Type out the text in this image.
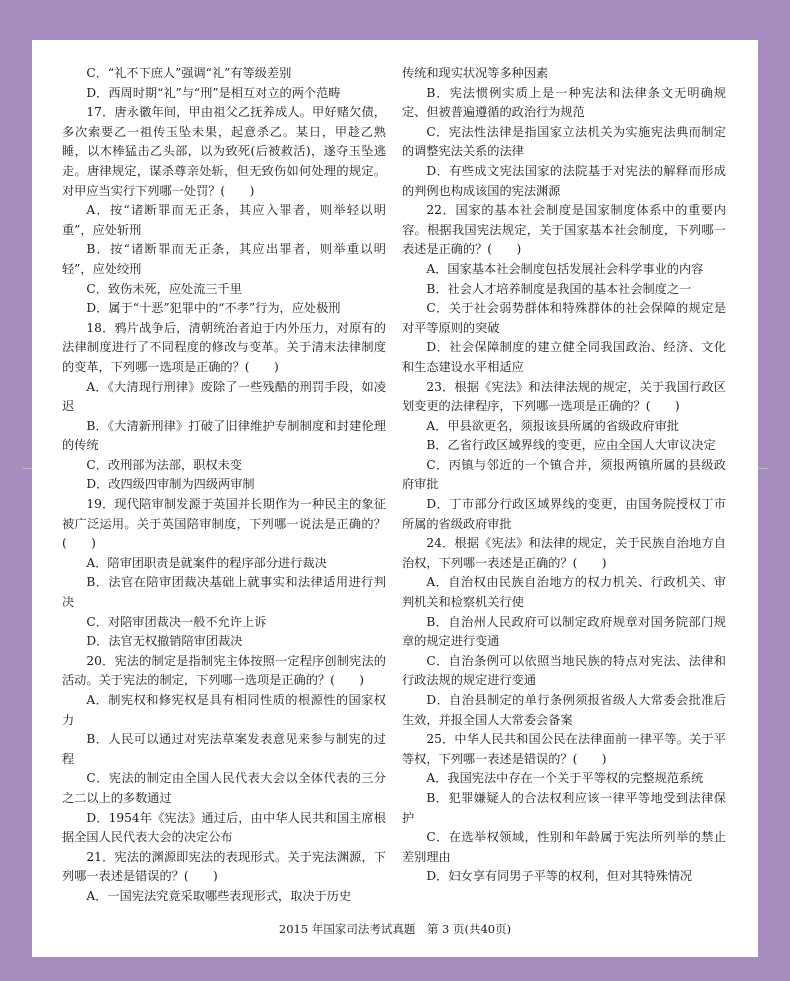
C．“礼不下庶人”强调“礼”有等级差别

D．西周时期“礼”与“刑”是相互对立的两个范畴

17．唐永徽年间，甲由祖父乙抚养成人。甲好赌欠债，多次索要乙一祖传玉坠未果，起意杀乙。某日，甲趁乙熟睡，以木棒猛击乙头部，以为致死(后被救活)，遂夺玉坠逃走。唐律规定，谋杀尊亲处斩，但无致伤如何处理的规定。对甲应当实行下列哪一处罚？(　　)

A．按“诸断罪而无正条，其应入罪者，则举轻以明重”，应处斩刑

B．按“诸断罪而无正条，其应出罪者，则举重以明轻”，应处绞刑

C．致伤未死，应处流三千里

D．属于“十恶”犯罪中的“不孝”行为，应处极刑

18．鸦片战争后，清朝统治者迫于内外压力，对原有的法律制度进行了不同程度的修改与变革。关于清末法律制度的变革，下列哪一选项是正确的？(　　)

A．《大清现行刑律》废除了一些残酷的刑罚手段，如凌迟

B．《大清新刑律》打破了旧律维护专制制度和封建伦理的传统

C．改刑部为法部，职权未变

D．改四级四审制为四级两审制

19．现代陪审制发源于英国并长期作为一种民主的象征被广泛运用。关于英国陪审制度，下列哪一说法是正确的？(　　)

A．陪审团职责是就案件的程序部分进行裁决

B．法官在陪审团裁决基础上就事实和法律适用进行判决

C．对陪审团裁决一般不允许上诉

D．法官无权撤销陪审团裁决

20．宪法的制定是指制宪主体按照一定程序创制宪法的活动。关于宪法的制定，下列哪一选项是正确的？(　　)

A．制宪权和修宪权是具有相同性质的根源性的国家权力

B．人民可以通过对宪法草案发表意见来参与制宪的过程

C．宪法的制定由全国人民代表大会以全体代表的三分之二以上的多数通过

D．1954年《宪法》通过后，由中华人民共和国主席根据全国人民代表大会的决定公布

21．宪法的渊源即宪法的表现形式。关于宪法渊源，下列哪一表述是错误的？(　　)

A．一国宪法究竟采取哪些表现形式，取决于历史

传统和现实状况等多种因素

B．宪法惯例实质上是一种宪法和法律条文无明确规定、但被普遍遵循的政治行为规范

C．宪法性法律是指国家立法机关为实施宪法典而制定的调整宪法关系的法律

D．有些成文宪法国家的法院基于对宪法的解释而形成的判例也构成该国的宪法渊源

22．国家的基本社会制度是国家制度体系中的重要内容。根据我国宪法规定，关于国家基本社会制度，下列哪一表述是正确的？(　　)

A．国家基本社会制度包括发展社会科学事业的内容

B．社会人才培养制度是我国的基本社会制度之一

C．关于社会弱势群体和特殊群体的社会保障的规定是对平等原则的突破

D．社会保障制度的建立健全同我国政治、经济、文化和生态建设水平相适应

23．根据《宪法》和法律法规的规定，关于我国行政区划变更的法律程序，下列哪一选项是正确的？(　　)

A．甲县欲更名，须报该县所属的省级政府审批

B．乙省行政区域界线的变更，应由全国人大审议决定

C．丙镇与邻近的一个镇合并，须报两镇所属的县级政府审批

D．丁市部分行政区域界线的变更，由国务院授权丁市所属的省级政府审批

24．根据《宪法》和法律的规定，关于民族自治地方自治权，下列哪一表述是正确的？(　　)

A．自治权由民族自治地方的权力机关、行政机关、审判机关和检察机关行使

B．自治州人民政府可以制定政府规章对国务院部门规章的规定进行变通

C．自治条例可以依照当地民族的特点对宪法、法律和行政法规的规定进行变通

D．自治县制定的单行条例须报省级人大常委会批准后生效，并报全国人大常委会备案

25．中华人民共和国公民在法律面前一律平等。关于平等权，下列哪一表述是错误的？(　　)

A．我国宪法中存在一个关于平等权的完整规范系统

B．犯罪嫌疑人的合法权利应该一律平等地受到法律保护

C．在选举权领域，性别和年龄属于宪法所列举的禁止差别理由

D．妇女享有同男子平等的权利，但对其特殊情况

2015 年国家司法考试真题　第 3 页(共40页)
